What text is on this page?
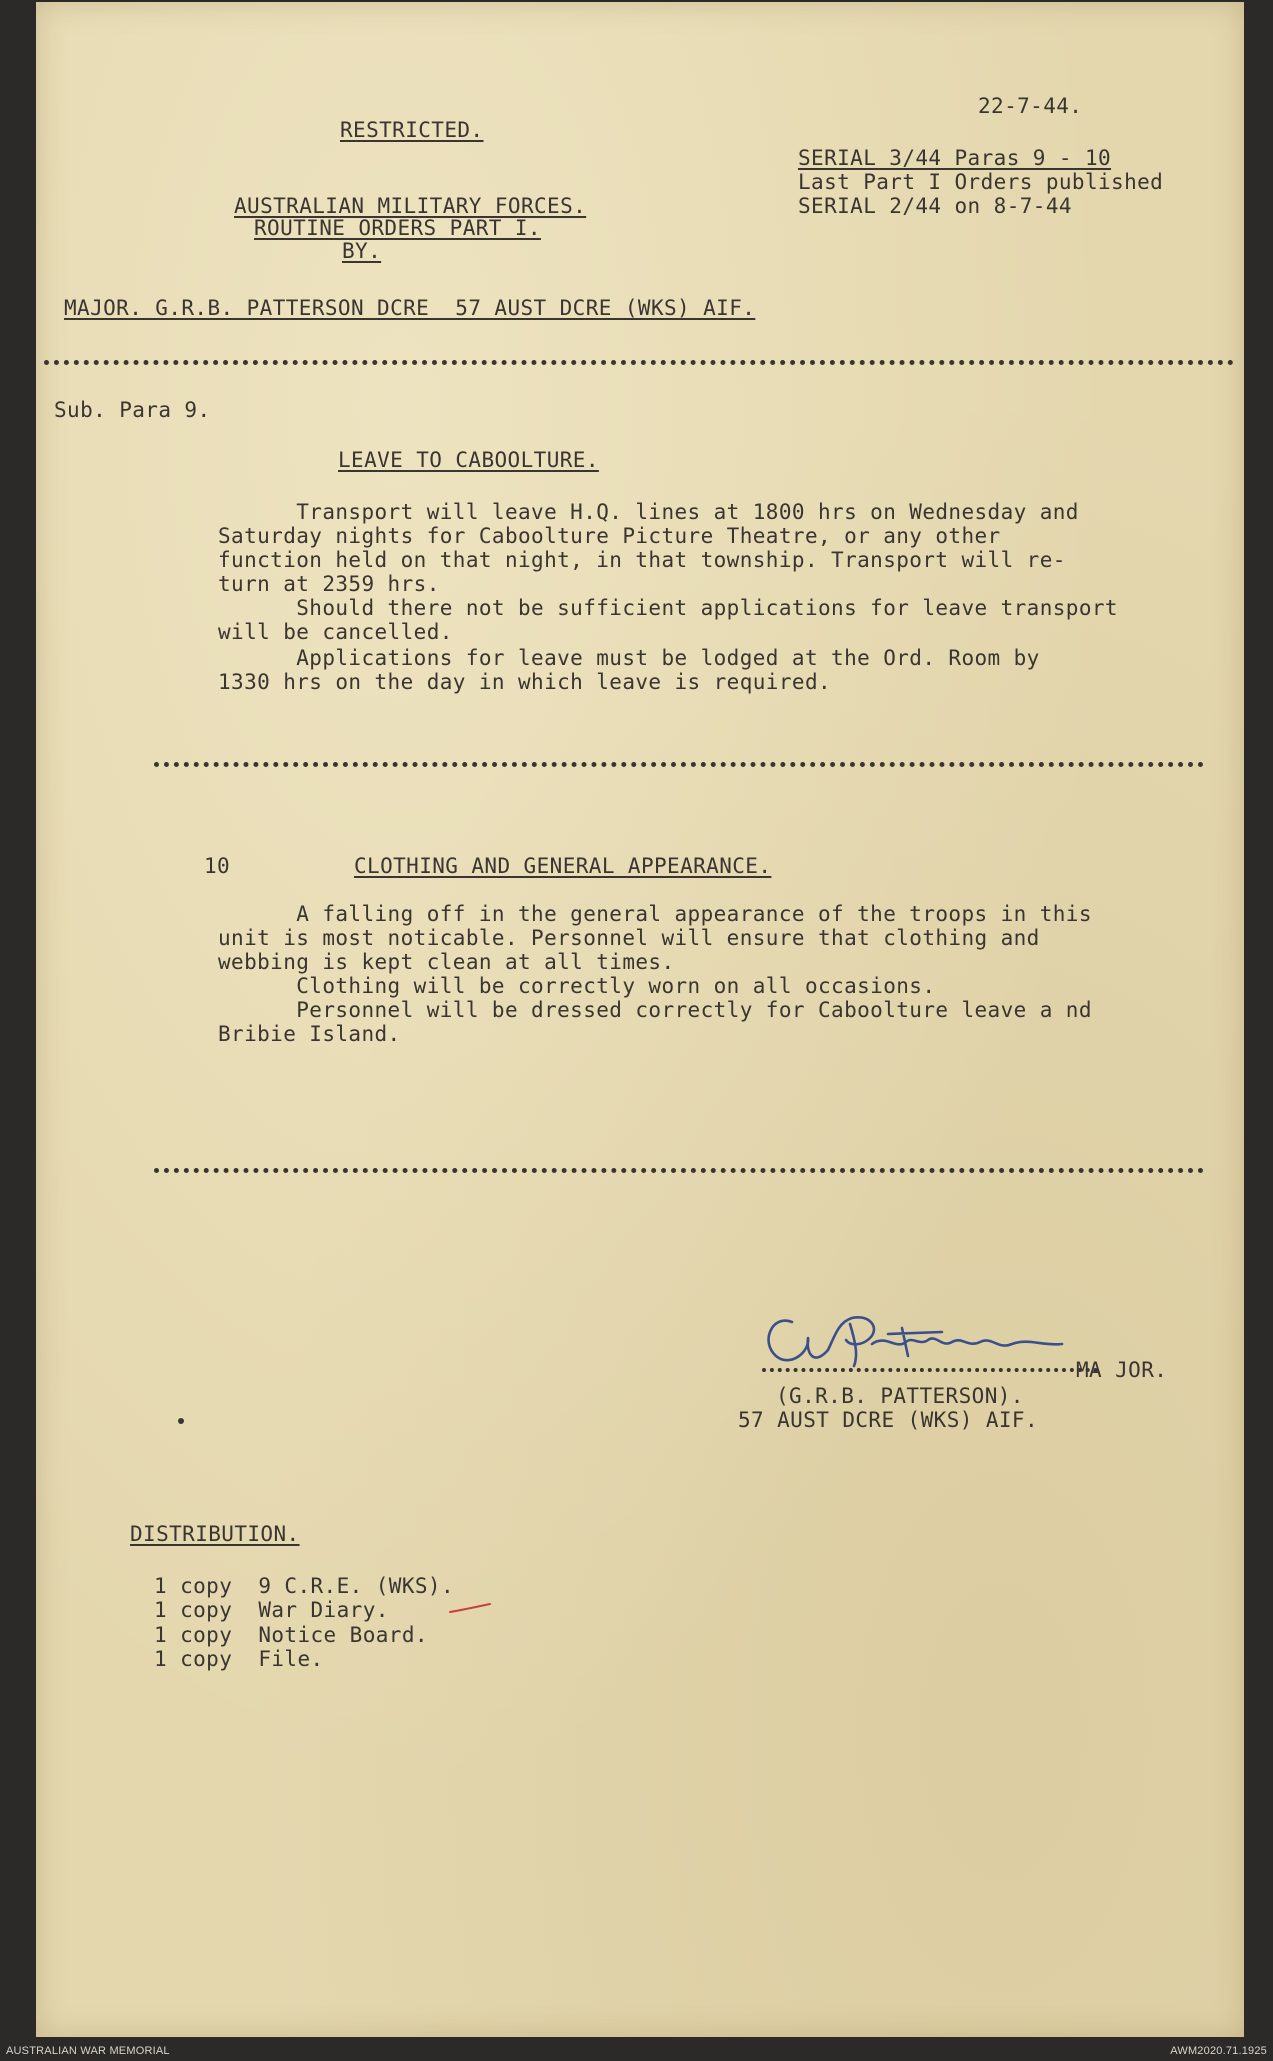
22-7-44.
RESTRICTED.
SERIAL 3/44 Paras 9 - 10
Last Part I Orders published
SERIAL 2/44 on 8-7-44
AUSTRALIAN MILITARY FORCES.
ROUTINE ORDERS PART I.
BY.
MAJOR. G.R.B. PATTERSON DCRE  57 AUST DCRE (WKS) AIF.
Sub. Para 9.
LEAVE TO CABOOLTURE.
Transport will leave H.Q. lines at 1800 hrs on Wednesday and
Saturday nights for Caboolture Picture Theatre, or any other
function held on that night, in that township. Transport will re-
turn at 2359 hrs.
Should there not be sufficient applications for leave transport
will be cancelled.
Applications for leave must be lodged at the Ord. Room by
1330 hrs on the day in which leave is required.
10	CLOTHING AND GENERAL APPEARANCE.
A falling off in the general appearance of the troops in this
unit is most noticable. Personnel will ensure that clothing and
webbing is kept clean at all times.
Clothing will be correctly worn on all occasions.
Personnel will be dressed correctly for Caboolture leave a nd
Bribie Island.
MA JOR.
(G.R.B. PATTERSON).
57 AUST DCRE (WKS) AIF.
DISTRIBUTION.
1 copy  9 C.R.E. (WKS).
1 copy  War Diary.
1 copy  Notice Board.
1 copy  File.
AUSTRALIAN WAR MEMORIAL	AWM2020.71.1925
